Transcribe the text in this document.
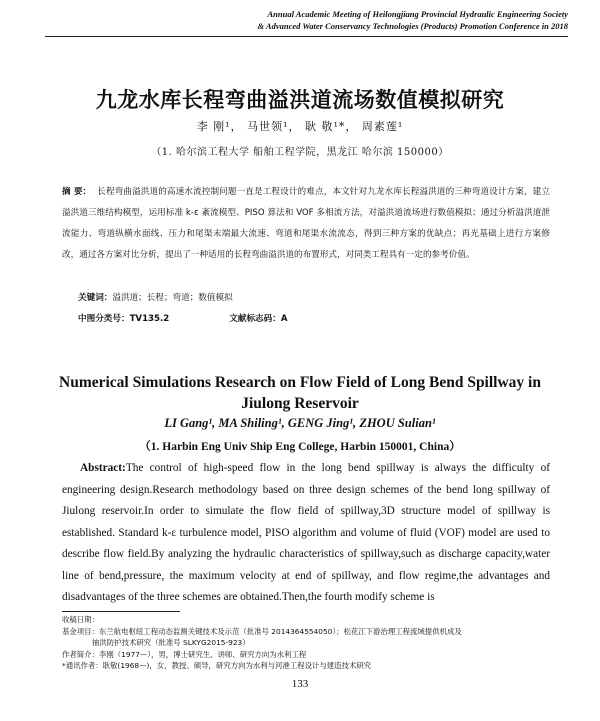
Annual Academic Meeting of Heilongjiang Provincial Hydraulic Engineering Society
& Advanced Water Conservancy Technologies (Products) Promotion Conference in 2018
九龙水库长程弯曲溢洪道流场数值模拟研究
李 刚¹， 马世领¹， 耿 敬¹*， 周素莲¹
（1. 哈尔滨工程大学 船舶工程学院，黑龙江 哈尔滨 150000）
摘 要： 长程弯曲溢洪道的高速水流控制问题一直是工程设计的难点，本文针对九龙水库长程溢洪道的三种弯道设计方案，建立溢洪道三维结构模型，运用标准 k-ε 紊流模型、PISO 算法和 VOF 多相流方法，对溢洪道流场进行数值模拟；通过分析溢洪道泄流能力、弯道纵横水面线、压力和尾渠末端最大流速、弯道和尾渠水流流态，得到三种方案的优缺点；再光基础上进行方案修改，通过各方案对比分析，提出了一种适用的长程弯曲溢洪道的布置形式，对同类工程具有一定的参考价值。
关键词：溢洪道；长程；弯道；数值模拟
中图分类号：TV135.2	文献标志码：A
Numerical Simulations Research on Flow Field of Long Bend Spillway in Jiulong Reservoir
LI Gang¹, MA Shiling¹, GENG Jing¹, ZHOU Sulian¹
（1. Harbin Eng Univ Ship Eng College, Harbin 150001, China）
Abstract:The control of high-speed flow in the long bend spillway is always the difficulty of engineering design.Research methodology based on three design schemes of the bend long spillway of Jiulong reservoir.In order to simulate the flow field of spillway,3D structure model of spillway is established. Standard k-ε turbulence model, PISO algorithm and volume of fluid (VOF) model are used to describe flow field.By analyzing the hydraulic characteristics of spillway,such as discharge capacity,water line of bend,pressure, the maximum velocity at end of spillway, and flow regime,the advantages and disadvantages of the three schemes are obtained.Then,the fourth modify scheme is
收稿日期：
基金项目：东兰航电枢纽工程动态监测关键技术及示范（批准号 2014364554050）；松花江下游治理工程流域提供机成及
抽洪防护技术研究（批准号 SLKYG2015-923）
作者简介：李刚（1977—），男，博士研究生、讲师、研究方向为水利工程
*通讯作者：耿敬(1968—)，女，教授、硕导，研究方向为水利与河港工程设计与建造技术研究
133
